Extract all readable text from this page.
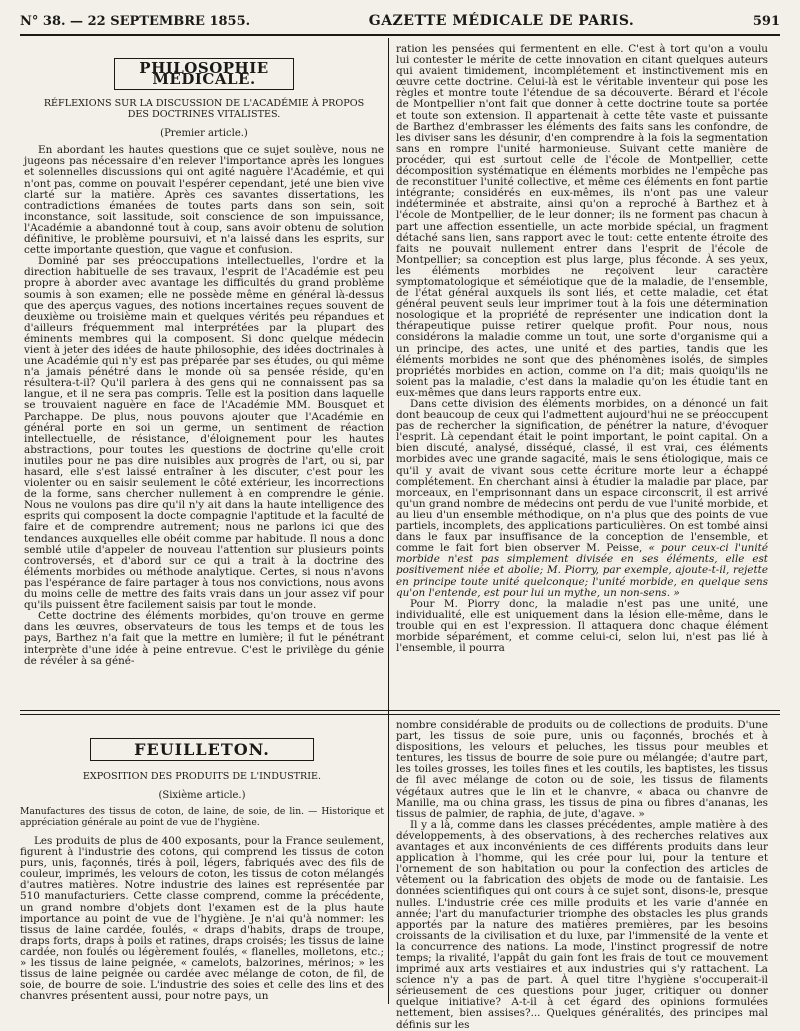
N° 38. — 22 SEPTEMBRE 1855.	GAZETTE MÉDICALE DE PARIS.	591
PHILOSOPHIE MÉDICALE.
RÉFLEXIONS SUR LA DISCUSSION DE L'ACADÉMIE À PROPOS DES DOCTRINES VITALISTES.
(Premier article.)

En abordant les hautes questions que ce sujet soulève, nous ne jugeons pas nécessaire d'en relever l'importance après les longues et solennelles discussions qui ont agité naguère l'Académie, et qui n'ont pas, comme on pouvait l'espérer cependant, jeté une bien vive clarté sur la matière. Après ces savantes dissertations, les contradictions émanées de toutes parts dans son sein, soit inconstance, soit lassitude, soit conscience de son impuissance, l'Académie a abandonné tout à coup, sans avoir obtenu de solution définitive, le problème poursuivi, et n'a laissé dans les esprits, sur cette importante question, que vague et confusion.

Dominé par ses préoccupations intellectuelles, l'ordre et la direction habituelle de ses travaux, l'esprit de l'Académie est peu propre à aborder avec avantage les difficultés du grand problème soumis à son examen; elle ne possède même en général là-dessus que des aperçus vagues, des notions incertaines reçues souvent de deuxième ou troisième main et quelques vérités peu répandues et d'ailleurs fréquemment mal interprétées par la plupart des éminents membres qui la composent. Si donc quelque médecin vient à jeter des idées de haute philosophie, des idées doctrinales à une Académie qui n'y est pas préparée par ses études, ou qui même n'a jamais pénétré dans le monde où sa pensée réside, qu'en résultera-t-il? Qu'il parlera à des gens qui ne connaissent pas sa langue, et il ne sera pas compris. Telle est la position dans laquelle se trouvaient naguère en face de l'Académie MM. Bousquet et Parchappe. De plus, nous pouvons ajouter que l'Académie en général porte en soi un germe, un sentiment de réaction intellectuelle, de résistance, d'éloignement pour les hautes abstractions, pour toutes les questions de doctrine qu'elle croit inutiles pour ne pas dire nuisibles aux progrès de l'art, ou si, par hasard, elle s'est laissé entraîner à les discuter, c'est pour les violenter ou en saisir seulement le côté extérieur, les incorrections de la forme, sans chercher nullement à en comprendre le génie. Nous ne voulons pas dire qu'il n'y ait dans la haute intelligence des esprits qui composent la docte compagnie l'aptitude et la faculté de faire et de comprendre autrement; nous ne parlons ici que des tendances auxquelles elle obéit comme par habitude. Il nous a donc semblé utile d'appeler de nouveau l'attention sur plusieurs points controversés, et d'abord sur ce qui a trait à la doctrine des éléments morbides ou méthode analytique. Certes, si nous n'avons pas l'espérance de faire partager à tous nos convictions, nous avons du moins celle de mettre des faits vrais dans un jour assez vif pour qu'ils puissent être facilement saisis par tout le monde.

Cette doctrine des éléments morbides, qu'on trouve en germe dans les œuvres, observateurs de tous les temps et de tous les pays, Barthez n'a fait que la mettre en lumière; il fut le pénétrant interprète d'une idée à peine entrevue. C'est le privilège du génie de révéler à sa géné-

ration les pensées qui fermentent en elle. C'est à tort qu'on a voulu lui contester le mérite de cette innovation en citant quelques auteurs qui avaient timidement, incomplétement et instinctivement mis en œuvre cette doctrine. Celui-là est le véritable inventeur qui pose les règles et montre toute l'étendue de sa découverte. Bérard et l'école de Montpellier n'ont fait que donner à cette doctrine toute sa portée et toute son extension. Il appartenait à cette tête vaste et puissante de Barthez d'embrasser les éléments des faits sans les confondre, de les diviser sans les désunir, d'en comprendre à la fois la segmentation sans en rompre l'unité harmonieuse. Suivant cette manière de procéder, qui est surtout celle de l'école de Montpellier, cette décomposition systématique en éléments morbides ne l'empêche pas de reconstituer l'unité collective, et même ces éléments en font partie intégrante; considérés en eux-mêmes, ils n'ont pas une valeur indéterminée et abstraite, ainsi qu'on a reproché à Barthez et à l'école de Montpellier, de le leur donner; ils ne forment pas chacun à part une affection essentielle, un acte morbide spécial, un fragment détaché sans lien, sans rapport avec le tout: cette entente étroite des faits ne pouvait nullement entrer dans l'esprit de l'école de Montpellier; sa conception est plus large, plus féconde. À ses yeux, les éléments morbides ne reçoivent leur caractère symptomatologique et séméiotique que de la maladie, de l'ensemble, de l'état général auxquels ils sont liés, et cette maladie, cet état général peuvent seuls leur imprimer tout à la fois une détermination nosologique et la propriété de représenter une indication dont la thérapeutique puisse retirer quelque profit. Pour nous, nous considérons la maladie comme un tout, une sorte d'organisme qui a un principe, des actes, une unité et des parties, tandis que les éléments morbides ne sont que des phénomènes isolés, de simples propriétés morbides en action, comme on l'a dit; mais quoiqu'ils ne soient pas la maladie, c'est dans la maladie qu'on les étudie tant en eux-mêmes que dans leurs rapports entre eux.

Dans cette division des éléments morbides, on a dénoncé un fait dont beaucoup de ceux qui l'admettent aujourd'hui ne se préoccupent pas de rechercher la signification, de pénétrer la nature, d'évoquer l'esprit. Là cependant était le point important, le point capital. On a bien discuté, analysé, disséqué, classé, il est vrai, ces éléments morbides avec une grande sagacité, mais le sens étiologique, mais ce qu'il y avait de vivant sous cette écriture morte leur a échappé complétement. En cherchant ainsi à étudier la maladie par place, par morceaux, en l'emprisonnant dans un espace circonscrit, il est arrivé qu'un grand nombre de médecins ont perdu de vue l'unité morbide, et au lieu d'un ensemble méthodique, on n'a plus que des points de vue partiels, incomplets, des applications particulières. On est tombé ainsi dans le faux par insuffisance de la conception de l'ensemble, et comme le fait fort bien observer M. Peisse, « pour ceux-ci l'unité morbide n'est pas simplement divisée en ses éléments, elle est positivement niée et abolie; M. Piorry, par exemple, ajoute-t-il, rejette en principe toute unité quelconque; l'unité morbide, en quelque sens qu'on l'entende, est pour lui un mythe, un non-sens. »

Pour M. Piorry donc, la maladie n'est pas une unité, une individualité, elle est uniquement dans la lésion elle-même, dans le trouble qui en est l'expression. Il attaquera donc chaque élément morbide séparément, et comme celui-ci, selon lui, n'est pas lié à l'ensemble, il pourra

FEUILLETON.
EXPOSITION DES PRODUITS DE L'INDUSTRIE.
(Sixième article.)
Manufactures des tissus de coton, de laine, de soie, de lin. — Historique et appréciation générale au point de vue de l'hygiène.

Les produits de plus de 400 exposants, pour la France seulement, figurent à l'industrie des cotons, qui comprend les tissus de coton purs, unis, façonnés, tirés à poil, légers, fabriqués avec des fils de couleur, imprimés, les velours de coton, les tissus de coton mélangés d'autres matières. Notre industrie des laines est représentée par 510 manufacturiers. Cette classe comprend, comme la précédente, un grand nombre d'objets dont l'examen est de la plus haute importance au point de vue de l'hygiène. Je n'ai qu'à nommer: les tissus de laine cardée, foulés, « draps d'habits, draps de troupe, draps forts, draps à poils et ratines, draps croisés; les tissus de laine cardée, non foulés ou légèrement foulés, « flanelles, molletons, etc.; » les tissus de laine peignée, « camelots, balzorines, mérinos; » les tissus de laine peignée ou cardée avec mélange de coton, de fil, de soie, de bourre de soie. L'industrie des soies et celle des lins et des chanvres présentent aussi, pour notre pays, un

nombre considérable de produits ou de collections de produits. D'une part, les tissus de soie pure, unis ou façonnés, brochés et à dispositions, les velours et peluches, les tissus pour meubles et tentures, les tissus de bourre de soie pure ou mélangée; d'autre part, les toiles grosses, les toiles fines et les coutils, les baptistes, les tissus de fil avec mélange de coton ou de soie, les tissus de filaments végétaux autres que le lin et le chanvre, « abaca ou chanvre de Manille, ma ou china grass, les tissus de pina ou fibres d'ananas, les tissus de palmier, de raphia, de jute, d'agave. »

Il y a là, comme dans les classes précédentes, ample matière à des développements, à des observations, à des recherches relatives aux avantages et aux inconvénients de ces différents produits dans leur application à l'homme, qui les crée pour lui, pour la tenture et l'ornement de son habitation ou pour la confection des articles de vêtement ou la fabrication des objets de mode ou de fantaisie. Les données scientifiques qui ont cours à ce sujet sont, disons-le, presque nulles. L'industrie crée ces mille produits et les varie d'année en année; l'art du manufacturier triomphe des obstacles les plus grands apportés par la nature des matières premières, par les besoins croissants de la civilisation et du luxe, par l'immensité de la vente et la concurrence des nations. La mode, l'instinct progressif de notre temps; la rivalité, l'appât du gain font les frais de tout ce mouvement imprimé aux arts vestiaires et aux industries qui s'y rattachent. La science n'y a pas de part. À quel titre l'hygiène s'occuperait-il sérieusement de ces questions pour juger, critiquer ou donner quelque initiative? A-t-il à cet égard des opinions formulées nettement, bien assises?... Quelques généralités, des principes mal définis sur les
